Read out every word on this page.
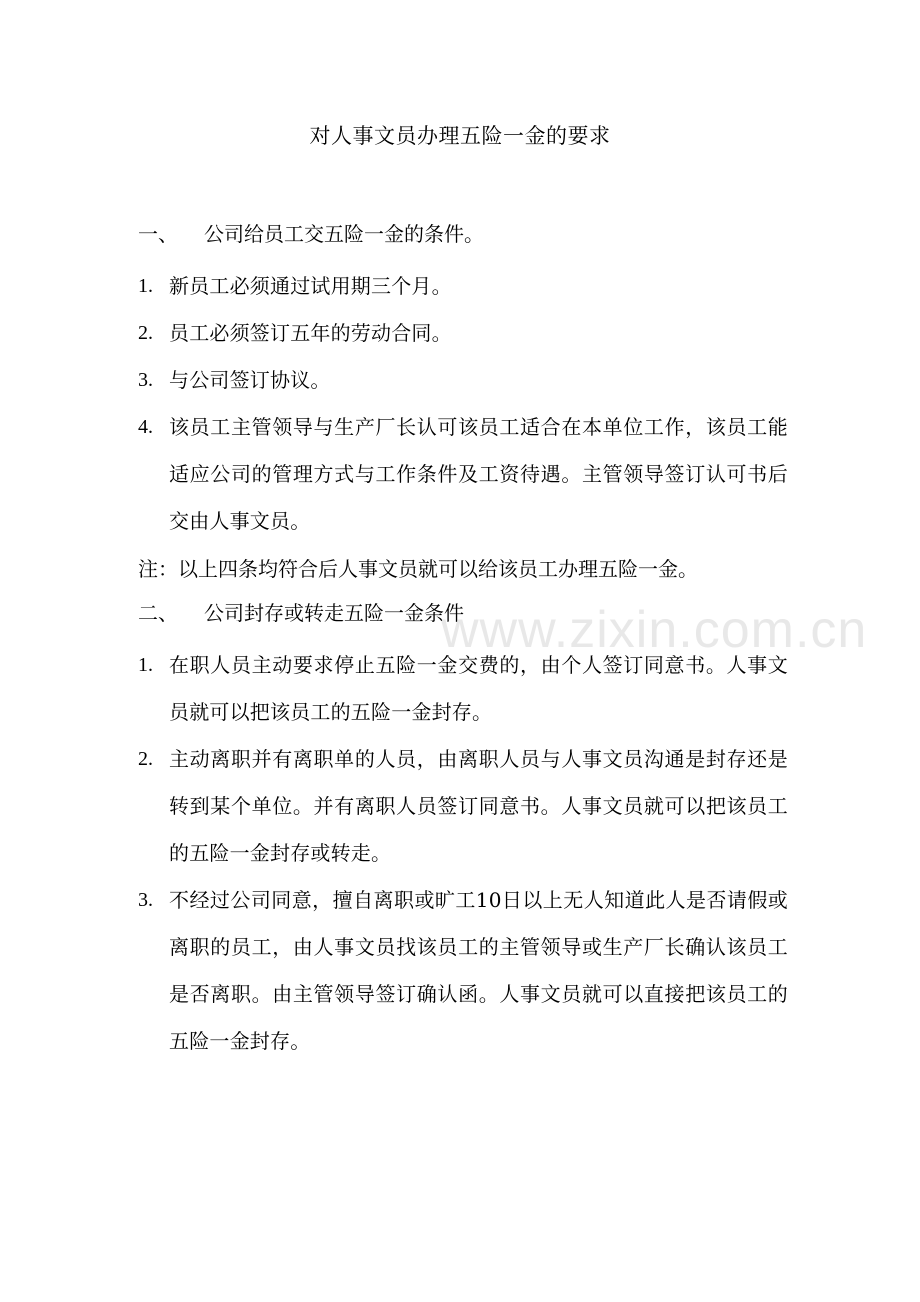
对人事文员办理五险一金的要求
一、 公司给员工交五险一金的条件。
1. 新员工必须通过试用期三个月。
2. 员工必须签订五年的劳动合同。
3. 与公司签订协议。
4. 该员工主管领导与生产厂长认可该员工适合在本单位工作，该员工能适应公司的管理方式与工作条件及工资待遇。主管领导签订认可书后交由人事文员。
注：以上四条均符合后人事文员就可以给该员工办理五险一金。
二、 公司封存或转走五险一金条件
1. 在职人员主动要求停止五险一金交费的，由个人签订同意书。人事文员就可以把该员工的五险一金封存。
2. 主动离职并有离职单的人员，由离职人员与人事文员沟通是封存还是转到某个单位。并有离职人员签订同意书。人事文员就可以把该员工的五险一金封存或转走。
3. 不经过公司同意，擅自离职或旷工10日以上无人知道此人是否请假或离职的员工，由人事文员找该员工的主管领导或生产厂长确认该员工是否离职。由主管领导签订确认函。人事文员就可以直接把该员工的五险一金封存。
www.zixin.com.cn
